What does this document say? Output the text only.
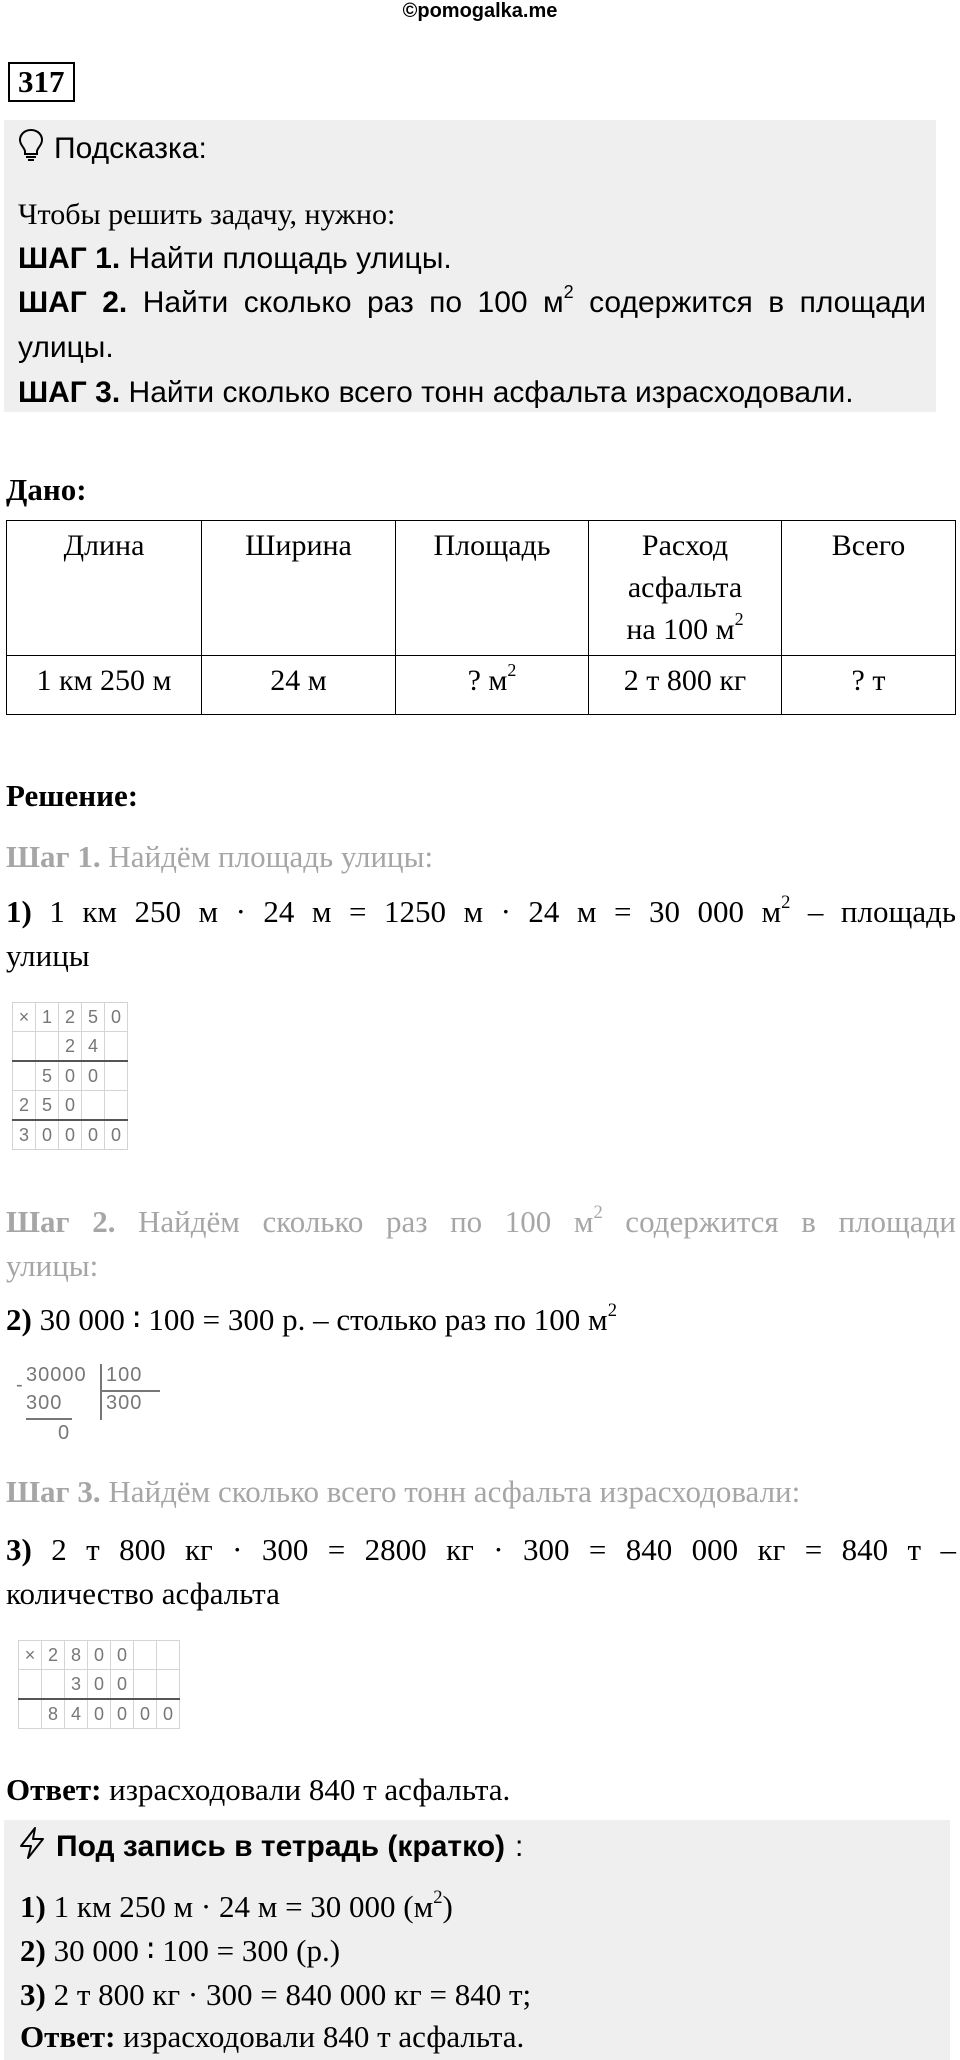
©pomogalka.me
317
Подсказка:
Чтобы решить задачу, нужно:
ШАГ 1. Найти площадь улицы.
ШАГ 2. Найти сколько раз по 100 $м^2$ содержится в площади
улицы.
ШАГ 3. Найти сколько всего тонн асфальта израсходовали.
Дано:
Длина	Ширина	Площадь	Расход
асфальта
на 100 $м^2$	Всего
1 км 250 м	24 м	? $м^2$	2 т 800 кг	? т
Решение:
Шаг 1. Найдём площадь улицы:
1) 1 км 250 м · 24 м = 1250 м · 24 м = 30 000 $м^2$ – площадь
улицы
×	1	2	5	0
		2	4	
	5	0	0	
2	5	0		
3	0	0	0	0
Шаг 2. Найдём сколько раз по 100 $м^2$ содержится в площади
улицы:
2) 30 000 ∶ 100 = 300 р. – столько раз по 100 $м^2$
- 30000 100
300 300
0
Шаг 3. Найдём сколько всего тонн асфальта израсходовали:
3) 2 т 800 кг · 300 = 2800 кг · 300 = 840 000 кг = 840 т –
количество асфальта
×	2	8	0	0		
		3	0	0		
	8	4	0	0	0	0
Ответ: израсходовали 840 т асфальта.
Под запись в тетрадь (кратко) :
1) 1 км 250 м · 24 м = 30 000 $(м^2)$
2) 30 000 ∶ 100 = 300 (р.)
3) 2 т 800 кг · 300 = 840 000 кг = 840 т;
Ответ: израсходовали 840 т асфальта.
